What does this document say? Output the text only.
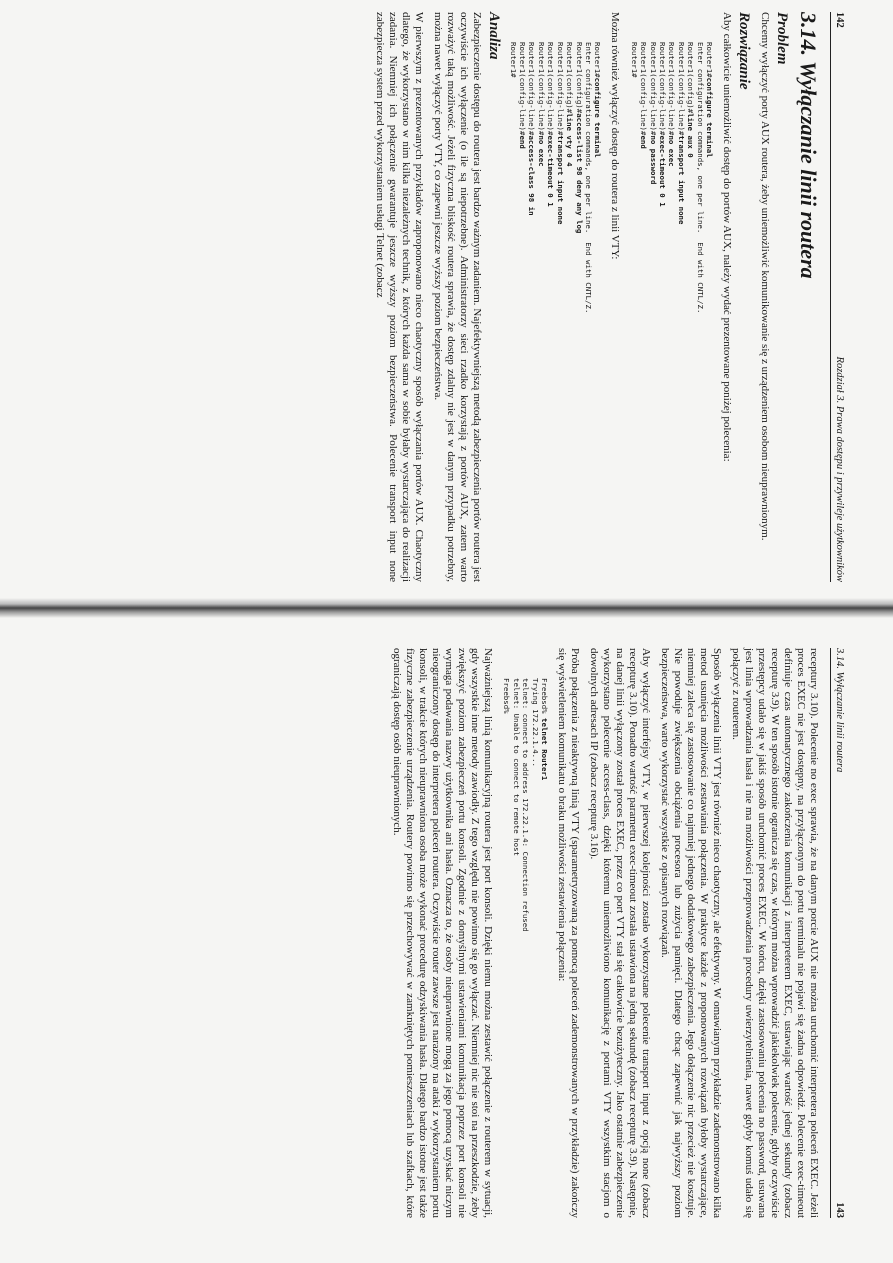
142
Rozdział 3. Prawa dostępu i przywileje użytkowników
3.14. Wyłączanie linii routera
Problem

Chcemy wyłączyć porty AUX routera, żeby uniemożliwić komunikowanie się z urządzeniem osobom nieuprawnionym.

Rozwiązanie

Aby całkowicie uniemożliwić dostęp do portów AUX, należy wydać prezentowane poniżej polecenia:

Router1#configure terminal
Enter configuration commands, one per line.  End with CNTL/Z.
Router1(config)#line aux 0
Router1(config-line)#transport input none
Router1(config-line)#no exec
Router1(config-line)#exec-timeout 0 1
Router1(config-line)#no password
Router1(config-line)#end
Router1#

Można również wyłączyć dostęp do routera z linii VTY:

Router1#configure terminal
Enter configuration commands, one per line.  End with CNTL/Z.
Router1(config)#access-list 98 deny any log
Router1(config)#line vty 0 4
Router1(config-line)#transport input none
Router1(config-line)#exec-timeout 0 1
Router1(config-line)#no exec
Router1(config-line)#access-class 98 in
Router1(config-line)#end
Router1#
Analiza

Zabezpieczenie dostępu do routera jest bardzo ważnym zadaniem. Najefektywniejszą metodą zabezpieczenia portów routera jest oczywiście ich wyłączenie (o ile są niepotrzebne). Administratorzy sieci rzadko korzystają z portów AUX, zatem warto rozważyć taką możliwość. Jeżeli fizyczna bliskość routera sprawia, że dostęp zdalny nie jest w danym przypadku potrzebny, można nawet wyłączyć porty VTY, co zapewni jeszcze wyższy poziom bezpieczeństwa.

W pierwszym z prezentowanych przykładów zaproponowano nieco chaotyczny sposób wyłączania portów AUX. Chaotyczny dlatego, że wykorzystano w nim kilka niezależnych technik, z których każda sama w sobie byłaby wystarczająca do realizacji zadania. Niemniej ich połączenie gwarantuje jeszcze wyższy poziom bezpieczeństwa. Polecenie transport input none zabezpiecza system przed wykorzystaniem usługi Telnet (zobacz

3.14. Wyłączanie linii routera
143

receptury 3.10). Polecenie no exec sprawia, że na danym porcie AUX nie można uruchomić interpretera poleceń EXEC. Jeżeli proces EXEC nie jest dostępny, na przyłączonym do portu terminalu nie pojawi się żadna odpowiedź. Polecenie exec-timeout definiuje czas automatycznego zakończenia komunikacji z interpreterem EXEC, ustawiając wartość jednej sekundy (zobacz recepturę 3.9). W ten sposób istotnie ogranicza się czas, w którym można wprowadzić jakiekolwiek polecenie, gdyby oczywiście przestępcy udało się w jakiś sposób uruchomić proces EXEC. W końcu, dzięki zastosowaniu polecenia no password, usuwana jest linia wprowadzania hasła i nie ma możliwości przeprowadzenia procedury uwierzytelnienia, nawet gdyby komuś udało się połączyć z routerem.

Sposób wyłączenia linii VTY jest również nieco chaotyczny, ale efektywny. W omawianym przykładzie zademonstrowano kilka metod usunięcia możliwości zestawiania połączenia. W praktyce każde z proponowanych rozwiązań byłoby wystarczające, niemniej zaleca się zastosowanie co najmniej jednego dodatkowego zabezpieczenia. Jego dołączenie nic przecież nie kosztuje. Nie powoduje zwiększenia obciążenia procesora lub zużycia pamięci. Dlatego chcąc zapewnić jak najwyższy poziom bezpieczeństwa, warto wykorzystać wszystkie z opisanych rozwiązań.

Aby wyłączyć interfejsy VTY, w pierwszej kolejności zostało wykorzystane polecenie transport input z opcją none (zobacz recepturę 3.10). Ponadto wartość parametru exec-timeout została ustawiona na jedną sekundę (zobacz recepturę 3.9). Następnie, na danej linii wyłączony został proces EXEC, przez co port VTY stał się całkowicie bezużyteczny. Jako ostatnie zabezpieczenie wykorzystano polecenie access-class, dzięki któremu uniemożliwiono komunikację z portami VTY wszystkim stacjom o dowolnych adresach IP (zobacz recepturę 3.16).

Próba połączenia z nieaktywną linią VTY (sparametryzowaną za pomocą poleceń zademonstrowanych w przykładzie) zakończy się wyświetleniem komunikatu o braku możliwości zestawienia połączenia:

Freebsd% telnet Router1
Trying 172.22.1.4...
telnet: connect to address 172.22.1.4: Connection refused
telnet: Unable to connect to remote host
Freebsd%

Najważniejszą linią komunikacyjną routera jest port konsoli. Dzięki niemu można zestawić połączenie z routerem w sytuacji, gdy wszystkie inne metody zawiodły. Z tego względu nie powinno się go wyłączać. Niemniej nic nie stoi na przeszkodzie, żeby zwiększyć poziom zabezpieczeń portu konsoli. Zgodnie z domyślnymi ustawieniami komunikacja poprzez port konsoli nie wymaga podawania nazwy użytkownika ani hasła. Oznacza to, że osoby nieuprawnione mogą za jego pomocą uzyskać niczym nieograniczony dostęp do interpretera poleceń routera. Oczywiście router zawsze jest narażony na ataki z wykorzystaniem portu konsoli, w trakcie których nieuprawniona osoba może wykonać procedurę odzyskiwania hasła. Dlatego bardzo istotne jest także fizyczne zabezpieczenie urządzenia. Routery powinno się przechowywać w zamkniętych pomieszczeniach lub szafkach, które ograniczają dostęp osób nieuprawnionych.
